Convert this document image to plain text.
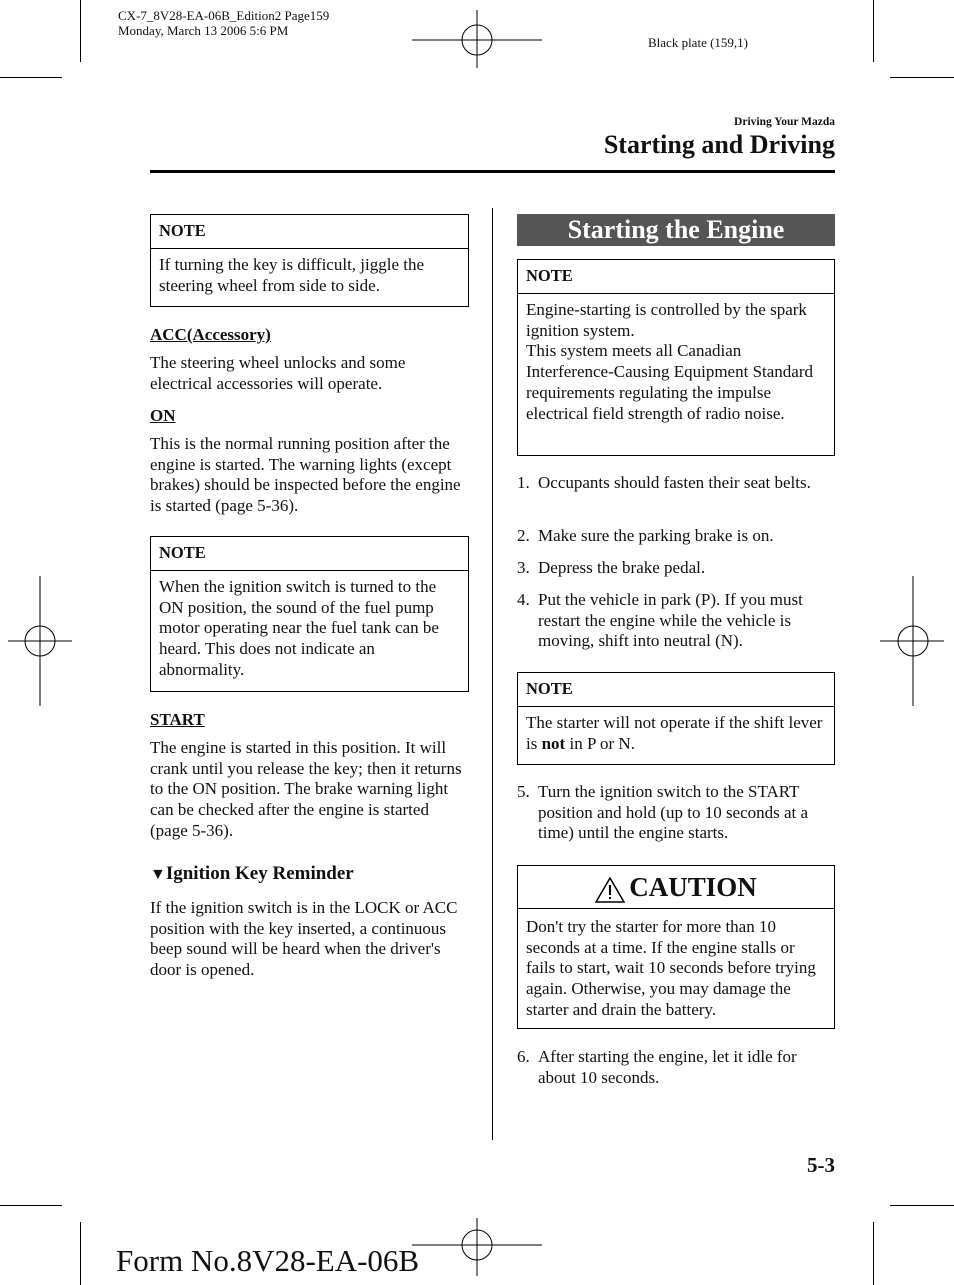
CX-7_8V28-EA-06B_Edition2 Page159
Monday, March 13 2006 5:6 PM
Black plate (159,1)
Driving Your Mazda
Starting and Driving
NOTE
If turning the key is difficult, jiggle the steering wheel from side to side.
ACC(Accessory)
The steering wheel unlocks and some electrical accessories will operate.
ON
This is the normal running position after the engine is started. The warning lights (except brakes) should be inspected before the engine is started (page 5-36).
NOTE
When the ignition switch is turned to the ON position, the sound of the fuel pump motor operating near the fuel tank can be heard. This does not indicate an abnormality.
START
The engine is started in this position. It will crank until you release the key; then it returns to the ON position. The brake warning light can be checked after the engine is started (page 5-36).
▼Ignition Key Reminder
If the ignition switch is in the LOCK or ACC position with the key inserted, a continuous beep sound will be heard when the driver's door is opened.
Starting the Engine
NOTE
Engine-starting is controlled by the spark ignition system.
This system meets all Canadian Interference-Causing Equipment Standard requirements regulating the impulse electrical field strength of radio noise.
1. Occupants should fasten their seat belts.
2. Make sure the parking brake is on.
3. Depress the brake pedal.
4. Put the vehicle in park (P). If you must restart the engine while the vehicle is moving, shift into neutral (N).
NOTE
The starter will not operate if the shift lever is not in P or N.
5. Turn the ignition switch to the START position and hold (up to 10 seconds at a time) until the engine starts.
CAUTION
Don't try the starter for more than 10 seconds at a time. If the engine stalls or fails to start, wait 10 seconds before trying again. Otherwise, you may damage the starter and drain the battery.
6. After starting the engine, let it idle for about 10 seconds.
5-3
Form No.8V28-EA-06B
